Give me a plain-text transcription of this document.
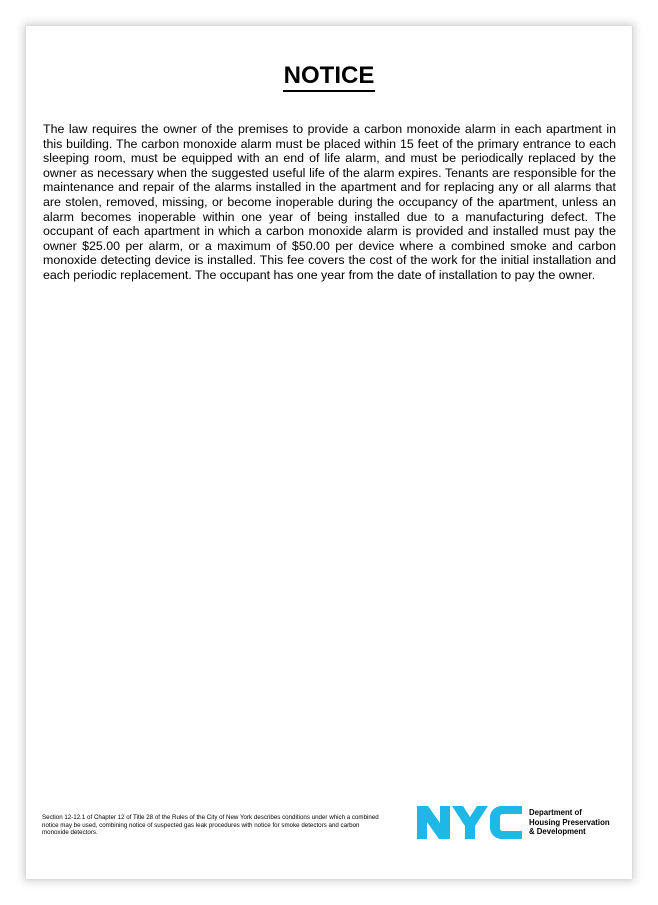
NOTICE

The law requires the owner of the premises to provide a carbon monoxide alarm in each apartment in this building. The carbon monoxide alarm must be placed within 15 feet of the primary entrance to each sleeping room, must be equipped with an end of life alarm, and must be periodically replaced by the owner as necessary when the suggested useful life of the alarm expires. Tenants are responsible for the maintenance and repair of the alarms installed in the apartment and for replacing any or all alarms that are stolen, removed, missing, or become inoperable during the occupancy of the apartment, unless an alarm becomes inoperable within one year of being installed due to a manufacturing defect. The occupant of each apartment in which a carbon monoxide alarm is provided and installed must pay the owner $25.00 per alarm, or a maximum of $50.00 per device where a combined smoke and carbon monoxide detecting device is installed. This fee covers the cost of the work for the initial installation and each periodic replacement. The occupant has one year from the date of installation to pay the owner.

Section 12-12.1 of Chapter 12 of Title 28 of the Rules of the City of New York describes conditions under which a combined notice may be used, combining notice of suspected gas leak procedures with notice for smoke detectors and carbon monoxide detectors.

Department of
Housing Preservation
& Development
